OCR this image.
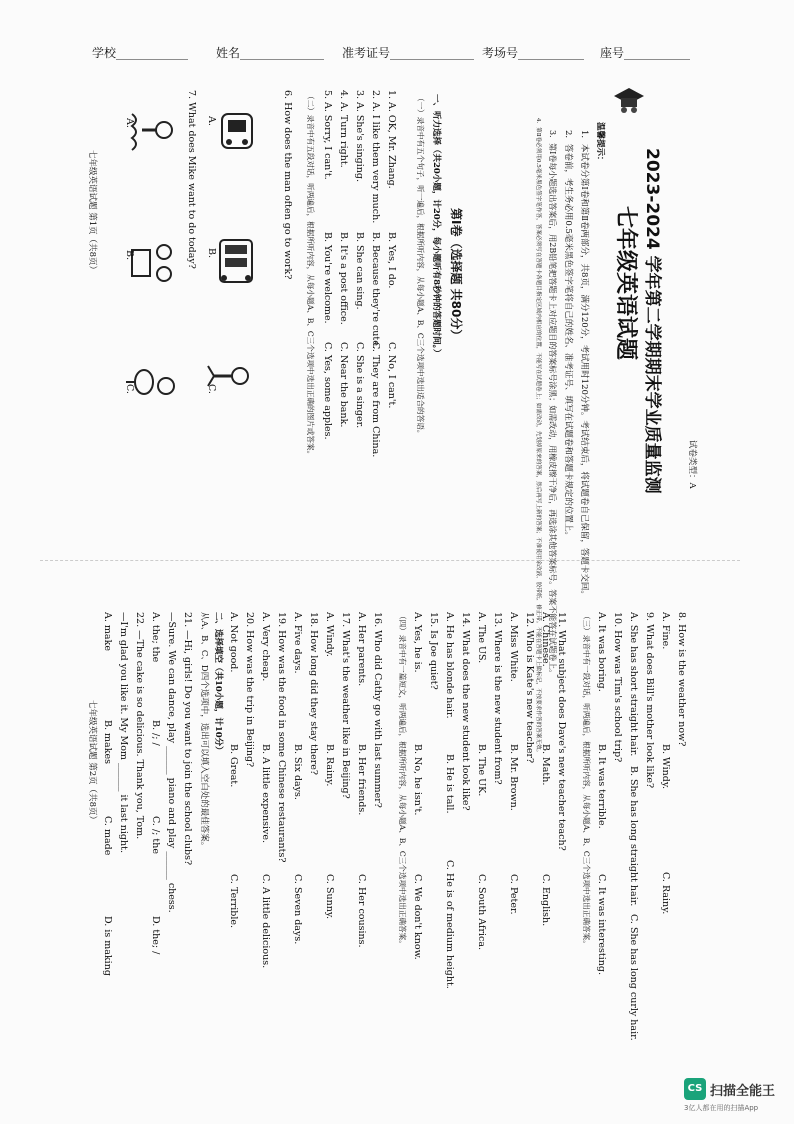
学校____________ 姓名______________ 准考证号______________ 考场号___________ 座号___________
2023-2024 学年第二学期期末学业质量监测
七年级英语试题
试卷类型：A
温馨提示：
1．本试卷分第Ⅰ卷和第Ⅱ卷两部分，共8页，满分120分，考试用时120分钟。考试结束后，将试题卷自己保留，答题卡交回。
2．答卷前，考生务必用0.5毫米黑色签字笔将自己的姓名、准考证号、填写在试题卷和答题卡规定的位置上。
3．第Ⅰ卷每小题选出答案后，用2B铅笔把答题卡上对应题目的答案标号涂黑；如需改动，用橡皮擦干净后，再选涂其他答案标号。答案不能答在试题卷上。
4．第Ⅱ卷必须用0.5毫米黑色签字笔作答，答案必须写在答题卡各题目指定区域内相应的位置，不能写在试题卷上；如需改动，先划掉原来的答案，然后再写上新的答案；不准使用涂改液、胶带纸、修正带。不能在答题卡上做标记，不按要求作答的答案无效。
第Ⅰ卷（选择题 共80分）
一、听力选择（共20小题，计20分，每小题听有8秒钟的答题时间。）
（一）录音中有五个句子，听一遍后，根据所听内容，从每小题A、B、C三个选项中选出适合的答语。
1.
A. OK, Mr. Zhang.
B. Yes, I do.
C. No, I can't.
2.
A. I like them very much.
B. Because they're cute.
C. They are from China.
3.
A. She's singing.
B. She can sing.
C. She is a singer.
4.
A. Turn right.
B. It's a post office.
C. Near the bank.
5.
A. Sorry, I can't.
B. You're welcome.
C. Yes, some apples.
（二）录音中有五段对话，听两遍后，根据所听内容，从每小题A、B、C三个选项中选出正确的图片或答案。
6. How does the man often go to work?
A.
B.
C.
7. What does Mike want to do today?
A.
B.
C.
七年级英语试题 第1页（共8页）
8. How is the weather now?
A. Fine.
B. Windy.
C. Rainy.
9. What does Bill's mother look like?
A. She has short straight hair.
B. She has long straight hair.
C. She has long curly hair.
10. How was Tim's school trip?
A. It was boring.
B. It was terrible.
C. It was interesting.
（三）录音中有一段对话，听两遍后，根据所听内容，从每小题A、B、C三个选项中选出正确答案。
11. What subject does Dave's new teacher teach?
A. Chinese.
B. Math.
C. English.
12. Who is Kate's new teacher?
A. Miss White.
B. Mr. Brown.
C. Peter.
13. Where is the new student from?
A. The US.
B. The UK.
C. South Africa.
14. What does the new student look like?
A. He has blonde hair.
B. He is tall.
C. He is of medium height.
15. Is Joe quiet?
A. Yes, he is.
B. No, he isn't.
C. We don't know.
（四）录音中有一篇短文，听两遍后，根据所听内容，从每小题A、B、C三个选项中选出正确答案。
16. Who did Cathy go with last summer?
A. Her parents.
B. Her friends.
C. Her cousins.
17. What's the weather like in Beijing?
A. Windy.
B. Rainy.
C. Sunny.
18. How long did they stay there?
A. Five days.
B. Six days.
C. Seven days.
19. How was the food in some Chinese restaurants?
A. Very cheap.
B. A little expensive.
C. A little delicious.
20. How was the trip in Beijing?
A. Not good.
B. Great.
C. Terrible.
二、选择填空（共10小题，计10分）
从A、B、C、D四个选项中，选出可以填入空白处的最佳答案。
21. —Hi, girls! Do you want to join the school clubs?
—Sure. We can dance, play ______ piano and play ______ chess.
A. the; the
B. /; /
C. /; the
D. the; /
22. —The cake is so delicious. Thank you, Tom.
—I'm glad you like it. My Mom ______ it last night.
A. make
B. makes
C. made
D. is making
七年级英语试题 第2页（共8页）
CS 扫描全能王
3亿人都在用的扫描App
